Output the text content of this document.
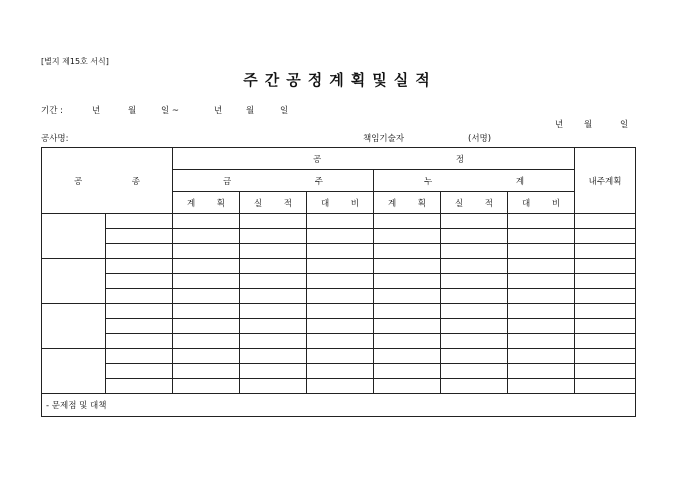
[별지 제15호 서식]
주간공정계획및실적
기간 :	년	월	일 ~	년	월	일
년 월	일
공사명:	책임기술자	(서명)
공 종		공 정						내주계획

		금 주			누 계			

		계 획	실 적	대 비	계 획	실 적	대 비	

- 문제점 및 대책								
